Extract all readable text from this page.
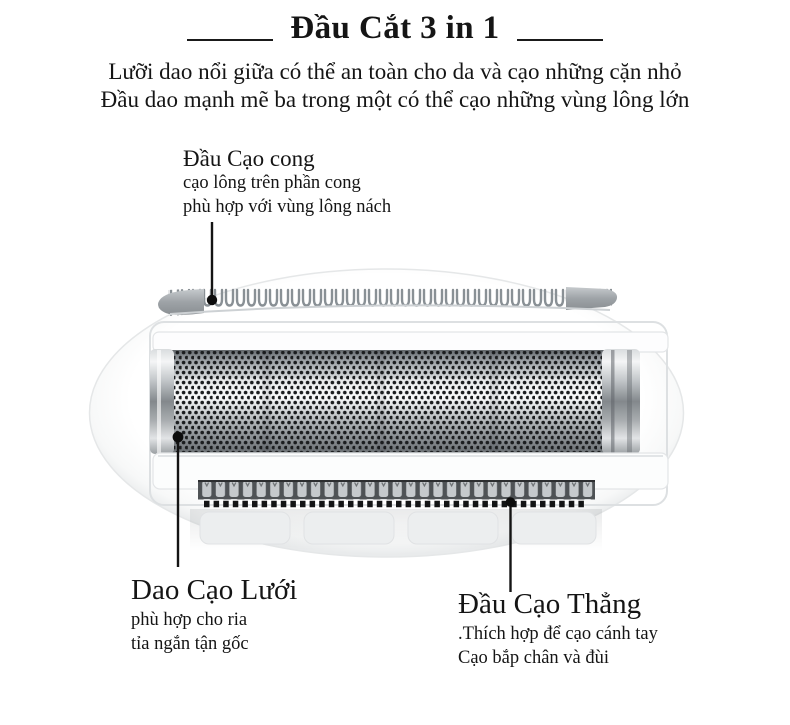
Đầu Cắt 3 in 1
Lưỡi dao nổi giữa có thể an toàn cho da và cạo những cặn nhỏ
Đầu dao mạnh mẽ ba trong một có thể cạo những vùng lông lớn
Đầu Cạo cong

cạo lông trên phần cong

phù hợp với vùng lông nách

Dao Cạo Lưới

phù hợp cho ria

tỉa ngắn tận gốc

Đầu Cạo Thẳng

.Thích hợp để cạo cánh tay

Cạo bắp chân và đùi
